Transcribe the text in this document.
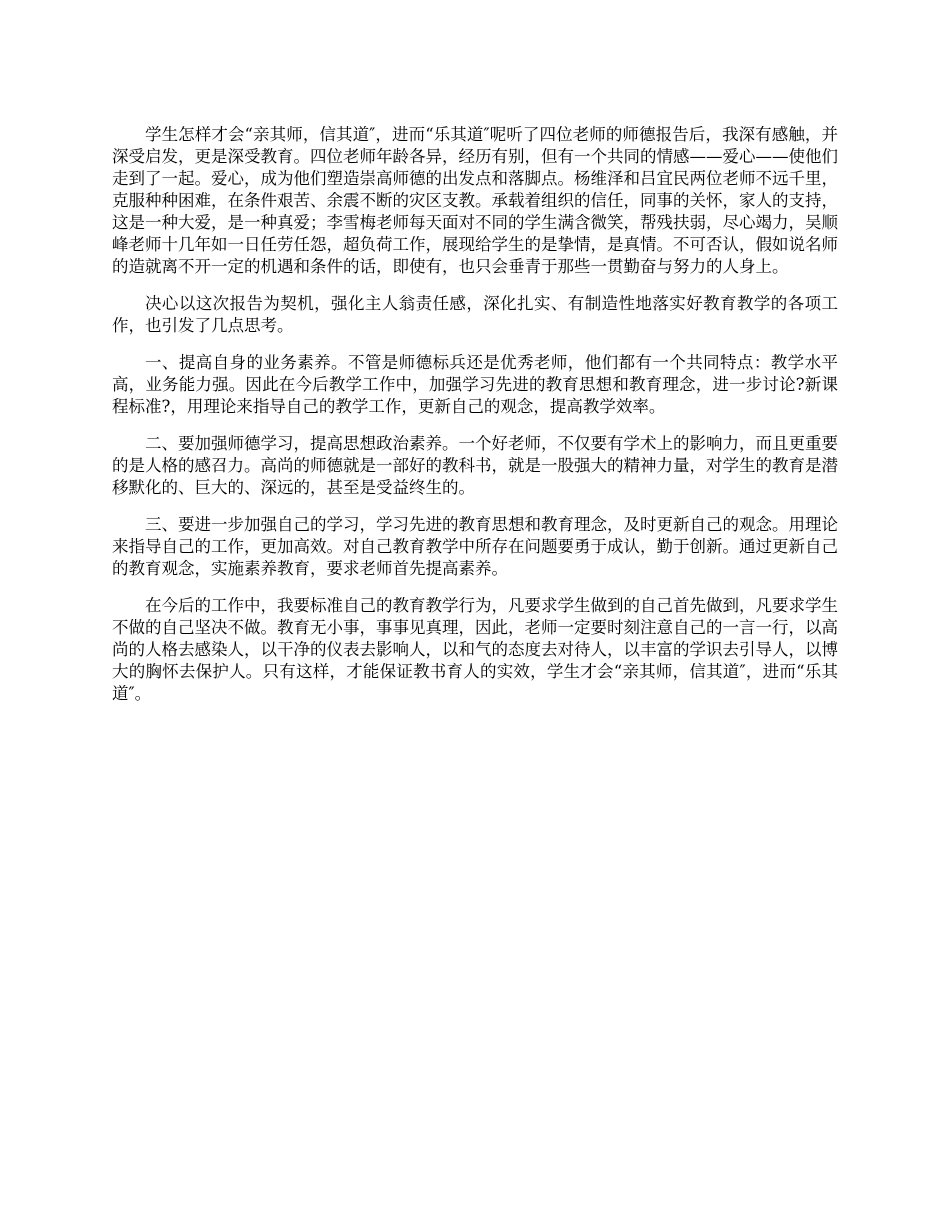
学生怎样才会“亲其师，信其道″，进而“乐其道″呢听了四位老师的师德报告后，我深有感触，并深受启发，更是深受教育。四位老师年龄各异，经历有别，但有一个共同的情感——爱心——使他们走到了一起。爱心，成为他们塑造崇高师德的出发点和落脚点。杨维泽和吕宜民两位老师不远千里，克服种种困难，在条件艰苦、余震不断的灾区支教。承载着组织的信任，同事的关怀，家人的支持，这是一种大爱，是一种真爱；李雪梅老师每天面对不同的学生满含微笑，帮残扶弱，尽心竭力，吴顺峰老师十几年如一日任劳任怨，超负荷工作，展现给学生的是挚情，是真情。不可否认，假如说名师的造就离不开一定的机遇和条件的话，即使有，也只会垂青于那些一贯勤奋与努力的人身上。

决心以这次报告为契机，强化主人翁责任感，深化扎实、有制造性地落实好教育教学的各项工作，也引发了几点思考。

一、提高自身的业务素养。不管是师德标兵还是优秀老师，他们都有一个共同特点：教学水平高，业务能力强。因此在今后教学工作中，加强学习先进的教育思想和教育理念，进一步讨论?新课程标准?，用理论来指导自己的教学工作，更新自己的观念，提高教学效率。

二、要加强师德学习，提高思想政治素养。一个好老师，不仅要有学术上的影响力，而且更重要的是人格的感召力。高尚的师德就是一部好的教科书，就是一股强大的精神力量，对学生的教育是潜移默化的、巨大的、深远的，甚至是受益终生的。

三、要进一步加强自己的学习，学习先进的教育思想和教育理念，及时更新自己的观念。用理论来指导自己的工作，更加高效。对自己教育教学中所存在问题要勇于成认，勤于创新。通过更新自己的教育观念，实施素养教育，要求老师首先提高素养。

在今后的工作中，我要标准自己的教育教学行为，凡要求学生做到的自己首先做到，凡要求学生不做的自己坚决不做。教育无小事，事事见真理，因此，老师一定要时刻注意自己的一言一行，以高尚的人格去感染人，以干净的仪表去影响人，以和气的态度去对待人，以丰富的学识去引导人，以博大的胸怀去保护人。只有这样，才能保证教书育人的实效，学生才会“亲其师，信其道″，进而“乐其道″。
